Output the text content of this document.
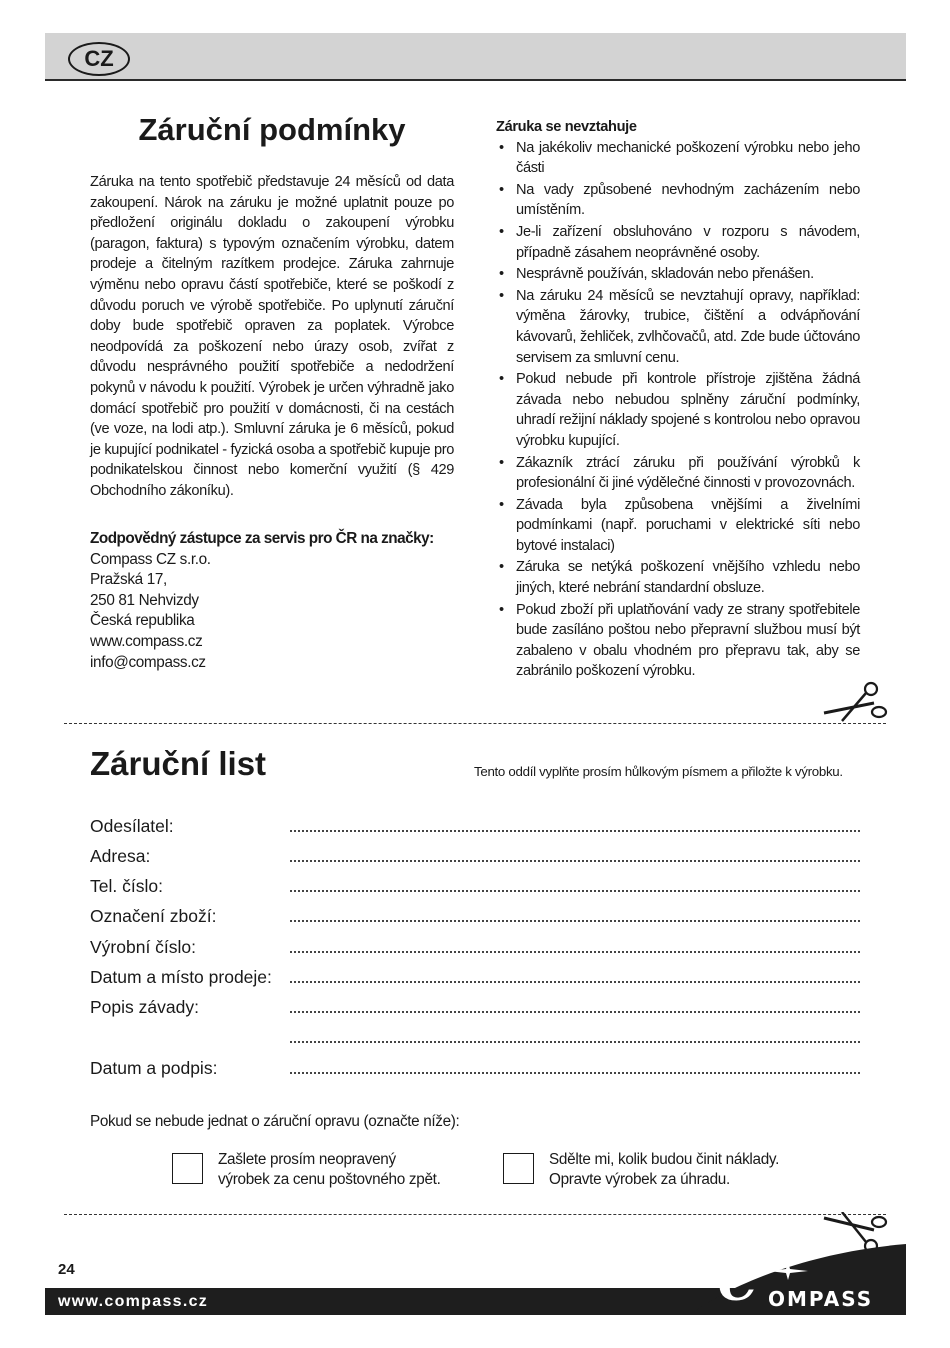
CZ
Záruční podmínky
Záruka na tento spotřebič představuje 24 měsíců od data zakoupení. Nárok na záruku je možné uplatnit pouze po předložení originálu dokladu o zakoupení výrobku (paragon, faktura) s typovým označením výrobku, datem prodeje a čitelným razítkem prodejce. Záruka zahrnuje výměnu nebo opravu částí spotřebiče, které se poškodí z důvodu poruch ve výrobě spotřebiče. Po uplynutí záruční doby bude spotřebič opraven za poplatek. Výrobce neodpovídá za poškození nebo úrazy osob, zvířat z důvodu nesprávného použití spotřebiče a nedodržení pokynů v návodu k použití. Výrobek je určen výhradně jako domácí spotřebič pro použití v domácnosti, či na cestách (ve voze, na lodi atp.). Smluvní záruka je 6 měsíců, pokud je kupující podnikatel - fyzická osoba a spotřebič kupuje pro podnikatelskou činnost nebo komerční využití (§ 429 Obchodního zákoníku).
Zodpovědný zástupce za servis pro ČR na značky:
Compass CZ s.r.o.
Pražská 17,
250 81 Nehvizdy
Česká republika
www.compass.cz
info@compass.cz
Záruka se nevztahuje
• Na jakékoliv mechanické poškození výrobku nebo jeho části
• Na vady způsobené nevhodným zacházením nebo umístěním.
• Je-li zařízení obsluhováno v rozporu s návodem, případně zásahem neoprávněné osoby.
• Nesprávně používán, skladován nebo přenášen.
• Na záruku 24 měsíců se nevztahují opravy, například: výměna žárovky, trubice, čištění a odvápňování kávovarů, žehliček, zvlhčovačů, atd. Zde bude účtováno servisem za smluvní cenu.
• Pokud nebude při kontrole přístroje zjištěna žádná závada nebo nebudou splněny záruční podmínky, uhradí režijní náklady spojené s kontrolou nebo opravou výrobku kupující.
• Zákazník ztrácí záruku při používání výrobků k profesionální či jiné výdělečné činnosti v provozovnách.
• Závada byla způsobena vnějšími a živelními podmínkami (např. poruchami v elektrické síti nebo bytové instalaci)
• Záruka se netýká poškození vnějšího vzhledu nebo jiných, které nebrání standardní obsluze.
• Pokud zboží při uplatňování vady ze strany spotřebitele bude zasíláno poštou nebo přepravní službou musí být zabaleno v obalu vhodném pro přepravu tak, aby se zabránilo poškození výrobku.
Záruční list	Tento oddíl vyplňte prosím hůlkovým písmem a přiložte k výrobku.
Odesílatel:
Adresa:
Tel. číslo:
Označení zboží:
Výrobní číslo:
Datum a místo prodeje:
Popis závady:
Datum a podpis:
Pokud se nebude jednat o záruční opravu (označte níže):
Zašlete prosím neopravený
výrobek za cenu poštovného zpět.
Sdělte mi, kolik budou činit náklady.
Opravte výrobek za úhradu.
24
www.compass.cz	C OMPASS
